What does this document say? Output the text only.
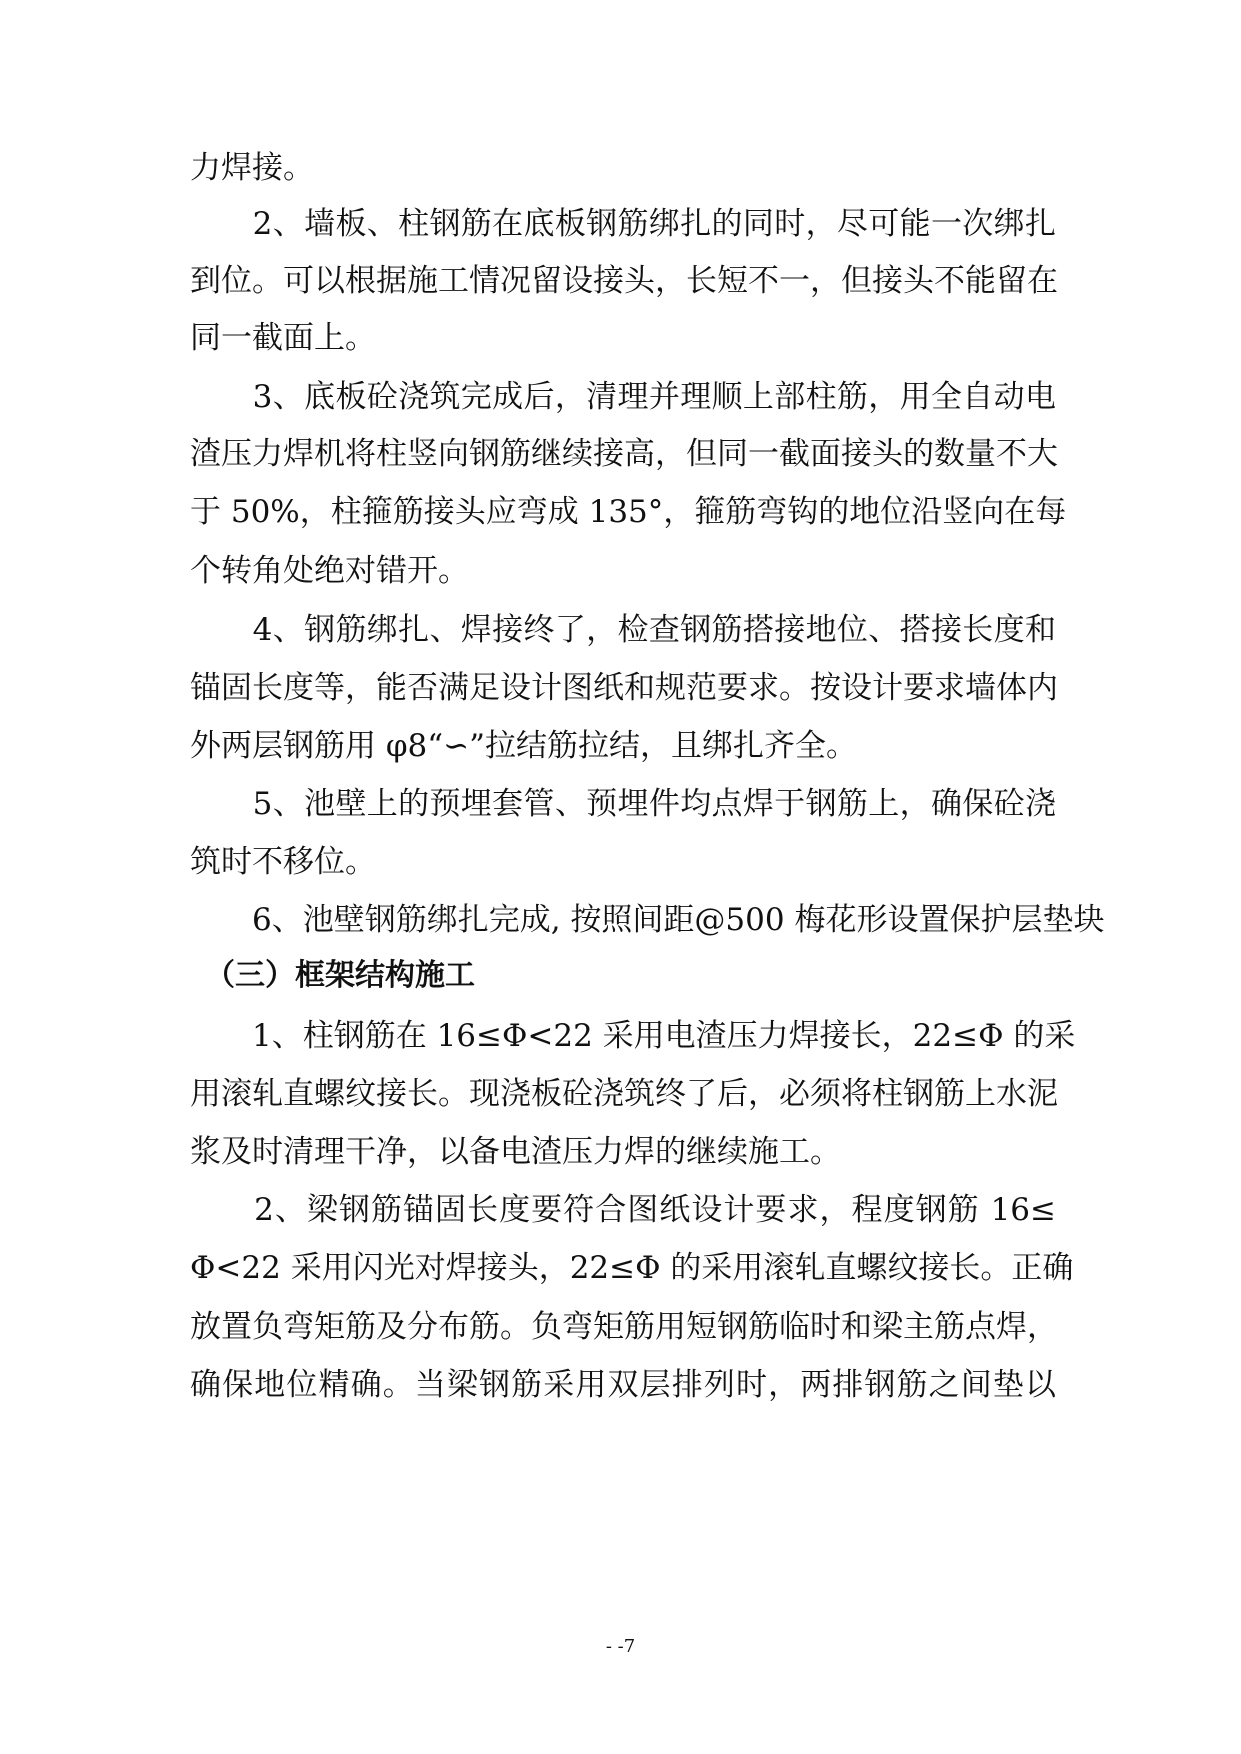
力焊接。
　　2、墙板、柱钢筋在底板钢筋绑扎的同时，尽可能一次绑扎
到位。可以根据施工情况留设接头，长短不一，但接头不能留在
同一截面上。
　　3、底板砼浇筑完成后，清理并理顺上部柱筋，用全自动电
渣压力焊机将柱竖向钢筋继续接高，但同一截面接头的数量不大
于 50%，柱箍筋接头应弯成 135°，箍筋弯钩的地位沿竖向在每
个转角处绝对错开。
　　4、钢筋绑扎、焊接终了，检查钢筋搭接地位、搭接长度和
锚固长度等，能否满足设计图纸和规范要求。按设计要求墙体内
外两层钢筋用 φ8“∽”拉结筋拉结，且绑扎齐全。
　　5、池壁上的预埋套管、预埋件均点焊于钢筋上，确保砼浇
筑时不移位。
　　6、池壁钢筋绑扎完成, 按照间距@500 梅花形设置保护层垫块
　（三）框架结构施工
　　1、柱钢筋在 16≤Φ<22 采用电渣压力焊接长，22≤Φ 的采
用滚轧直螺纹接长。现浇板砼浇筑终了后，必须将柱钢筋上水泥
浆及时清理干净，以备电渣压力焊的继续施工。
　　2、梁钢筋锚固长度要符合图纸设计要求，程度钢筋 16≤
Φ<22 采用闪光对焊接头，22≤Φ 的采用滚轧直螺纹接长。正确
放置负弯矩筋及分布筋。负弯矩筋用短钢筋临时和梁主筋点焊，
确保地位精确。当梁钢筋采用双层排列时，两排钢筋之间垫以
- -7
